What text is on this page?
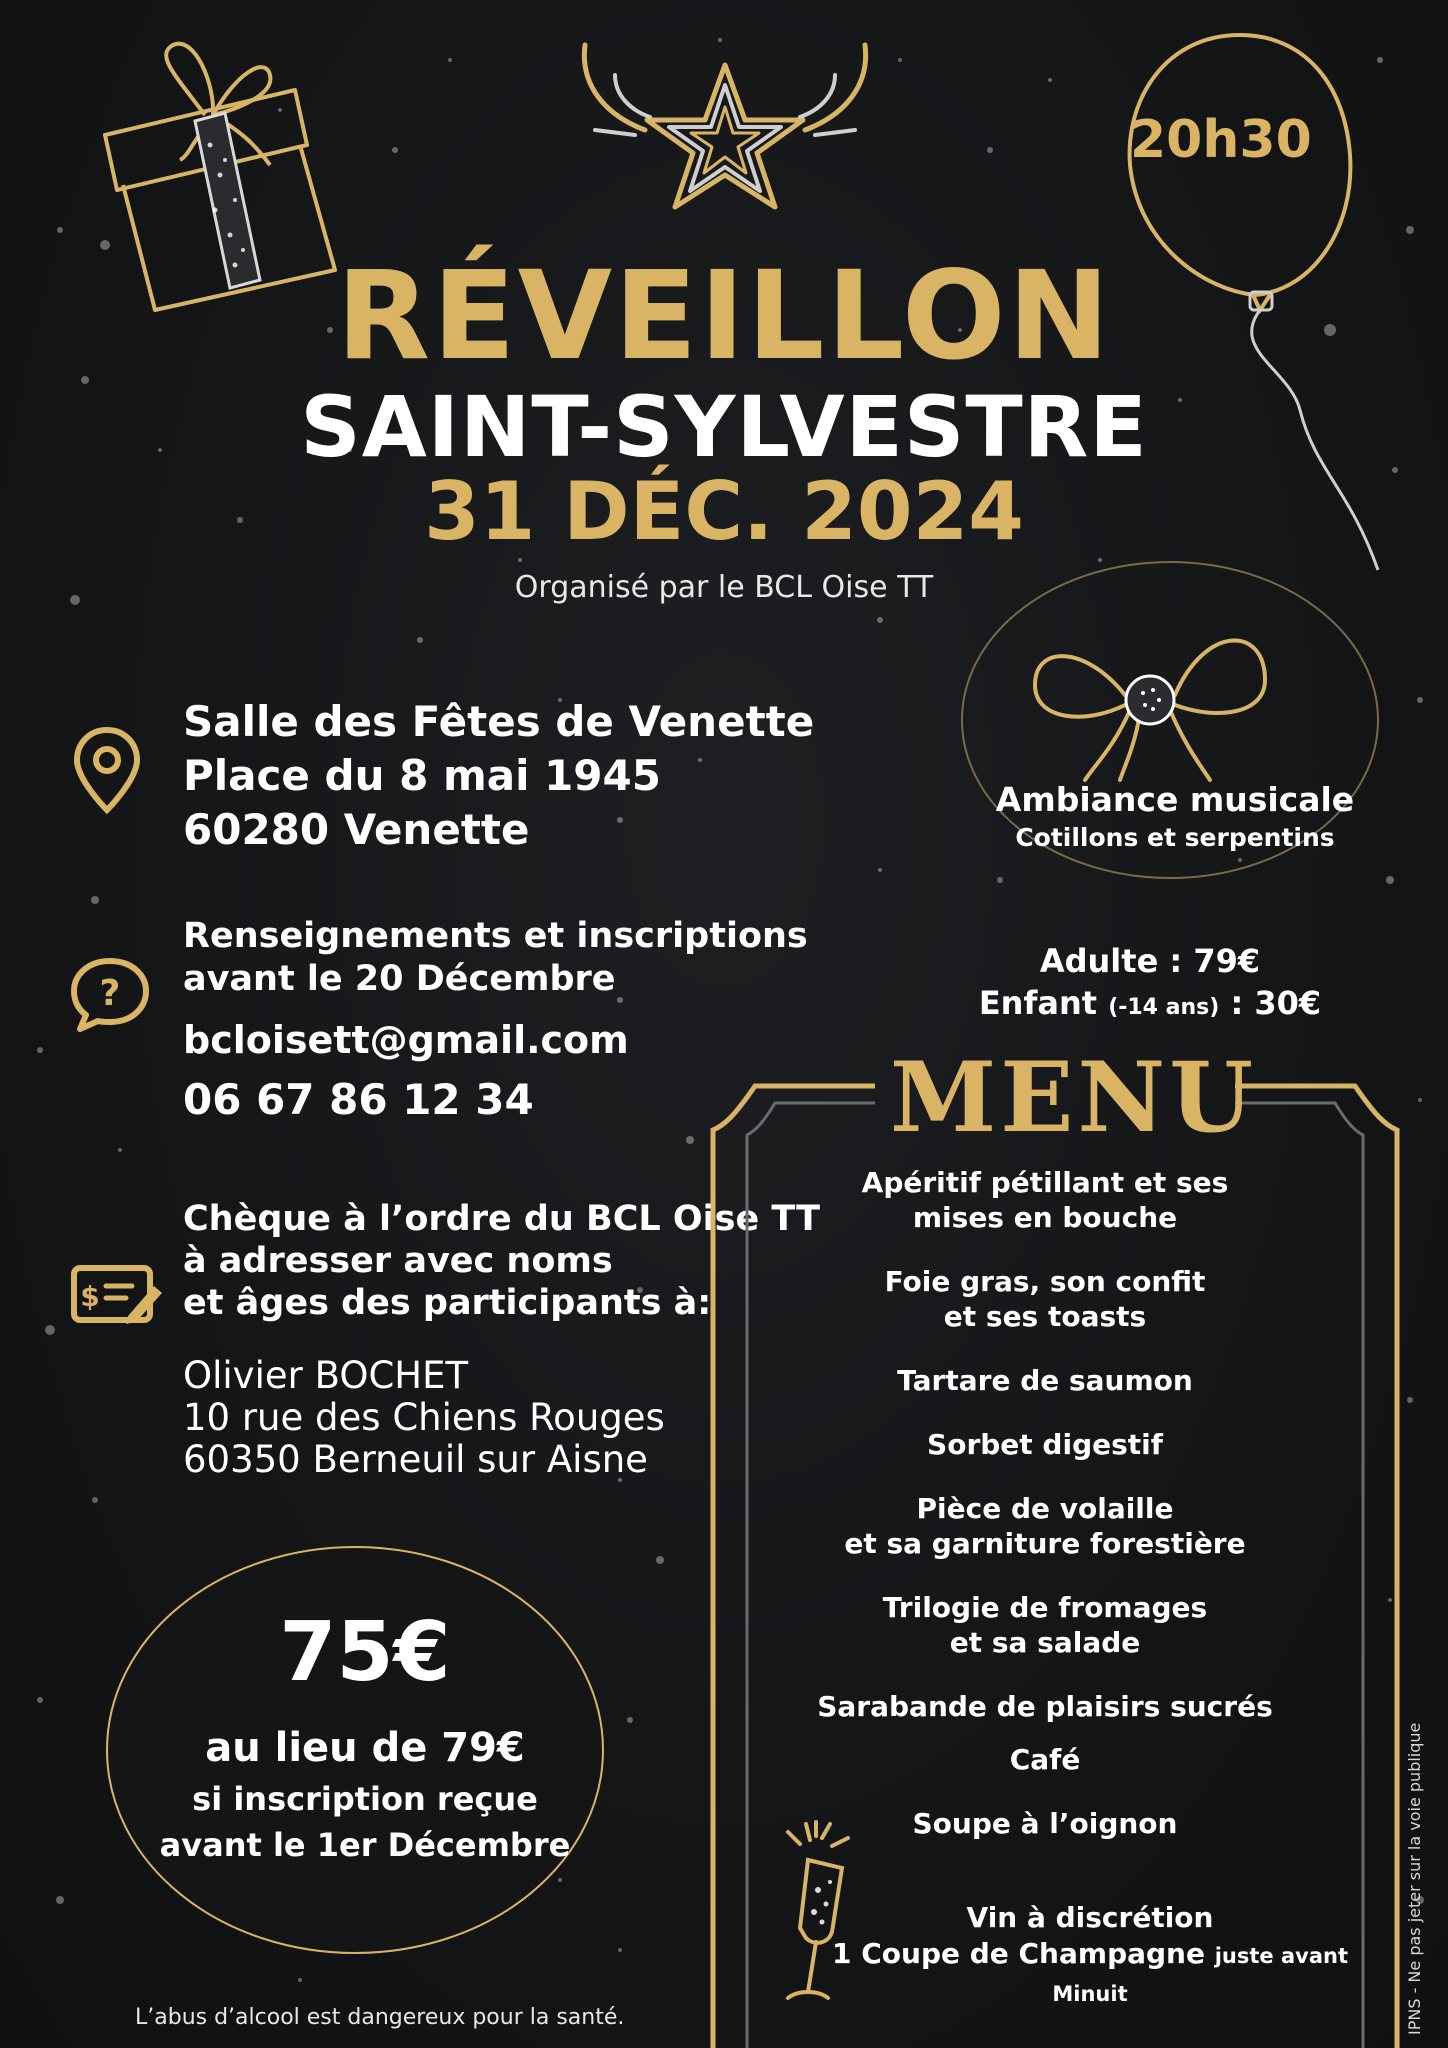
20h30
RÉVEILLON
SAINT-SYLVESTRE
31 DÉC. 2024
Organisé par le BCL Oise TT
Ambiance musicale
Cotillons et serpentins
Salle des Fêtes de Venette
Place du 8 mai 1945
60280 Venette
?
Renseignements et inscriptions
avant le 20 Décembre
bcloisett@gmail.com
06 67 86 12 34
$
Chèque à l’ordre du BCL Oise TT
à adresser avec noms
et âges des participants à:
Olivier BOCHET
10 rue des Chiens Rouges
60350 Berneuil sur Aisne
75€
au lieu de 79€
si inscription reçue
avant le 1er Décembre
Adulte : 79€
Enfant (-14 ans) : 30€
MENU
Apéritif pétillant et ses
mises en bouche
Foie gras, son confit
et ses toasts
Tartare de saumon
Sorbet digestif
Pièce de volaille
et sa garniture forestière
Trilogie de fromages
et sa salade
Sarabande de plaisirs sucrés
Café
Soupe à l’oignon
Vin à discrétion
1 Coupe de Champagne juste avant Minuit
L’abus d’alcool est dangereux pour la santé.	IPNS - Ne pas jeter sur la voie publique
